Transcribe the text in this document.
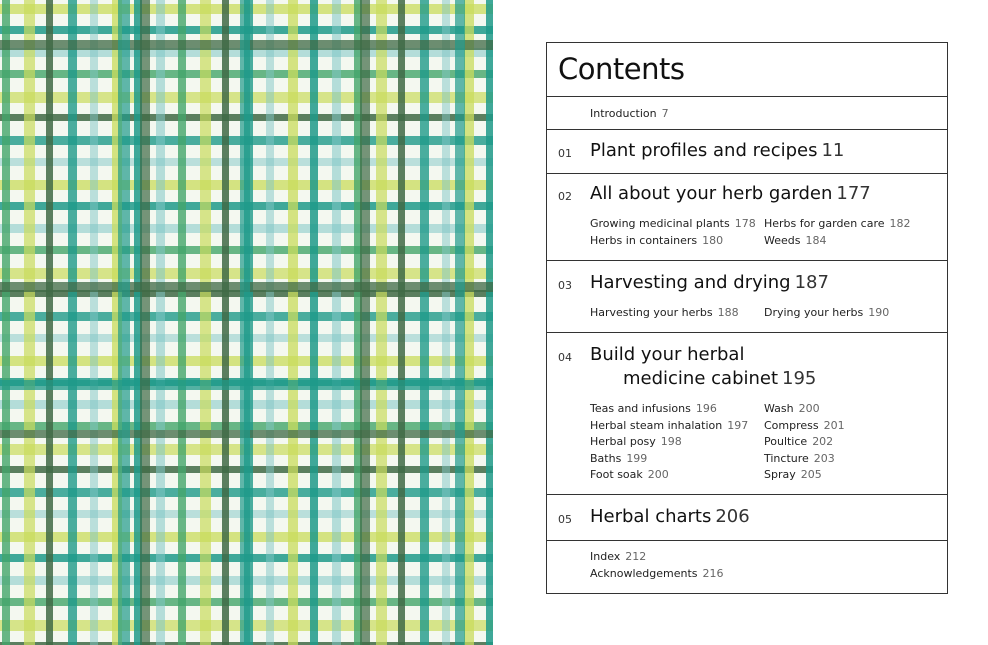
Contents
Introduction 7
01 Plant profiles and recipes 11
02 All about your herb garden 177
Growing medicinal plants 178
Herbs in containers 180
Herbs for garden care 182
Weeds 184
03 Harvesting and drying 187
Harvesting your herbs 188 Drying your herbs 190
04 Build your herbal
medicine cabinet 195
Teas and infusions 196
Herbal steam inhalation 197
Herbal posy 198
Baths 199
Foot soak 200
Wash 200
Compress 201
Poultice 202
Tincture 203
Spray 205
05 Herbal charts 206
Index 212
Acknowledgements 216
